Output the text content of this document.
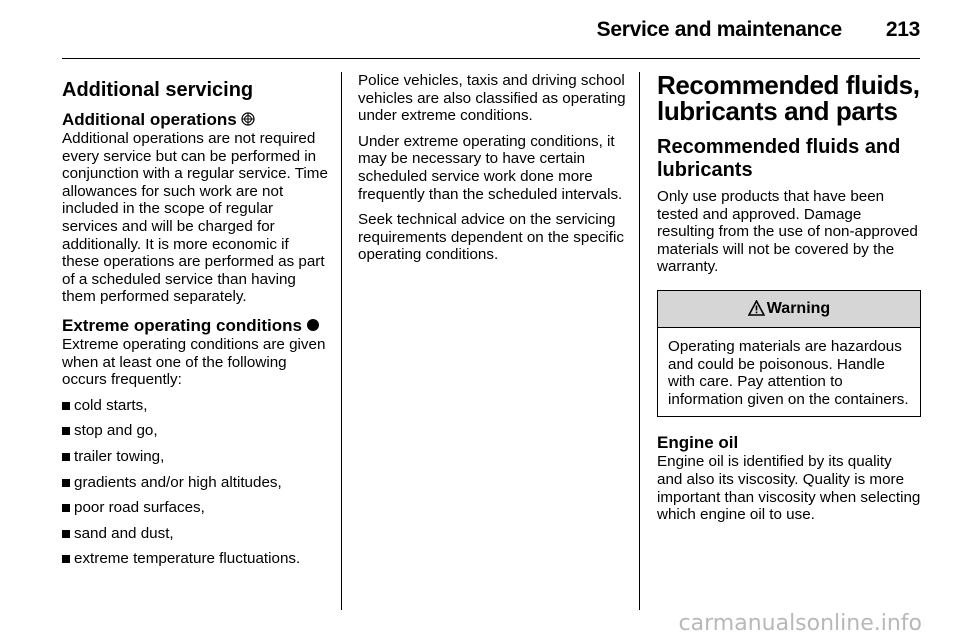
Service and maintenance 213
Additional servicing
Additional operations

Additional operations are not required every service but can be performed in conjunction with a regular service. Time allowances for such work are not included in the scope of regular services and will be charged for additionally. It is more economic if these operations are performed as part of a scheduled service than having them performed separately.

Extreme operating conditions

Extreme operating conditions are given when at least one of the following occurs frequently:

cold starts,
stop and go,
trailer towing,
gradients and/or high altitudes,
poor road surfaces,
sand and dust,
extreme temperature fluctuations.

Police vehicles, taxis and driving school vehicles are also classified as operating under extreme conditions.

Under extreme operating conditions, it may be necessary to have certain scheduled service work done more frequently than the scheduled intervals.

Seek technical advice on the servicing requirements dependent on the specific operating conditions.

Recommended fluids, lubricants and parts
Recommended fluids and lubricants

Only use products that have been tested and approved. Damage resulting from the use of non-approved materials will not be covered by the warranty.

Warning
Operating materials are hazardous and could be poisonous. Handle with care. Pay attention to information given on the containers.
Engine oil

Engine oil is identified by its quality and also its viscosity. Quality is more important than viscosity when selecting which engine oil to use.

carmanualsonline.info
